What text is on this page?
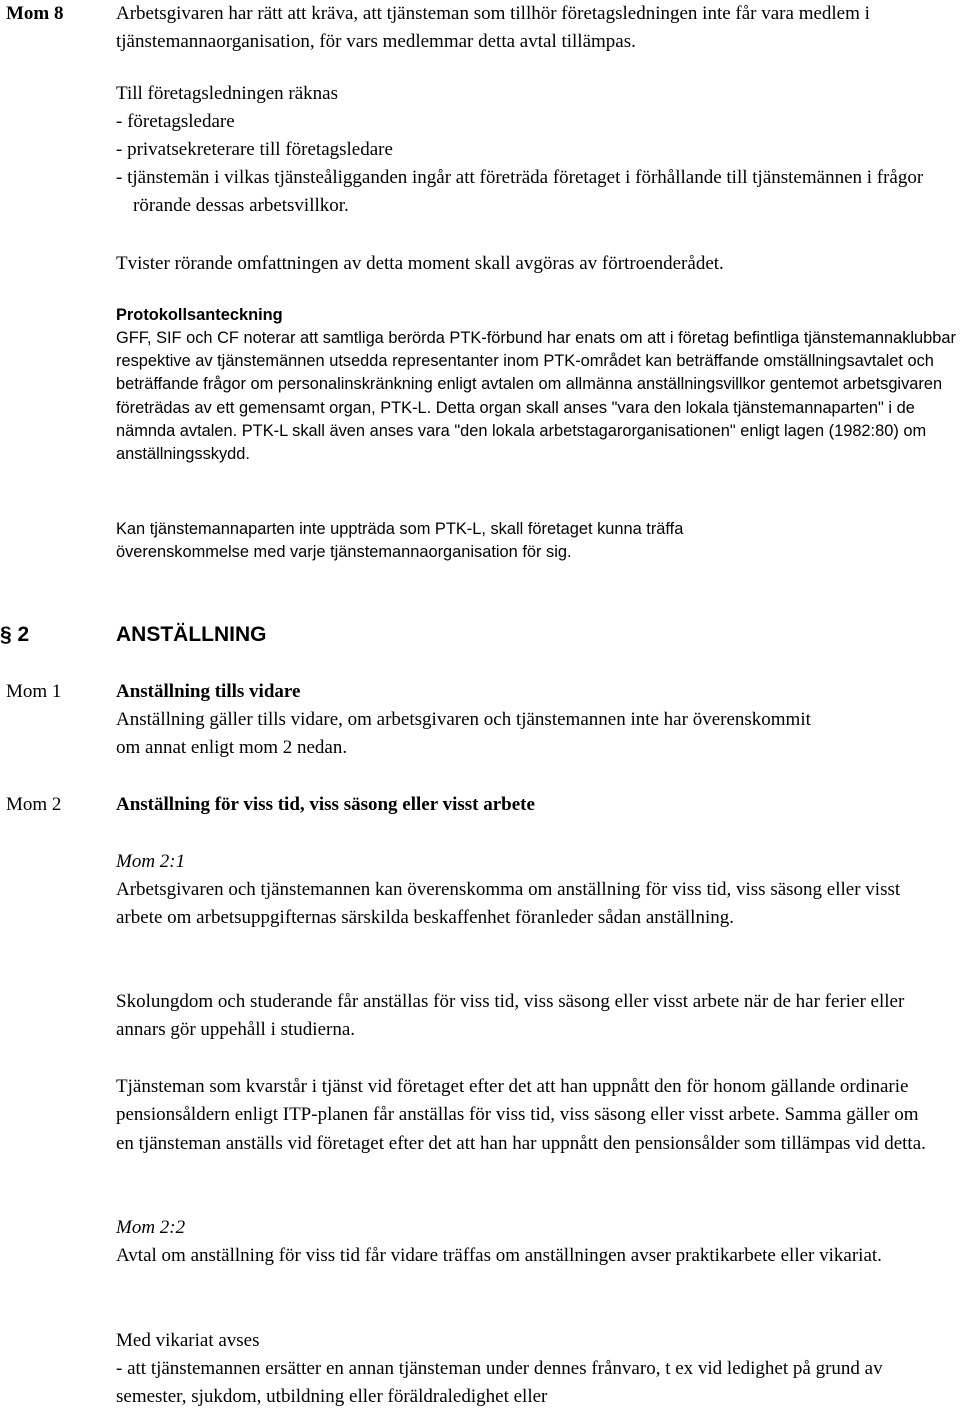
Mom 8	Arbetsgivaren har rätt att kräva, att tjänsteman som tillhör företagsledningen inte får vara medlem i tjänstemannaorganisation, för vars medlemmar detta avtal tillämpas.

Till företagsledningen räknas

- företagsledare

- privatsekreterare till företagsledare

- tjänstemän i vilkas tjänsteåligganden ingår att företräda företaget i förhållande till tjänstemännen i frågor rörande dessas arbetsvillkor.

Tvister rörande omfattningen av detta moment skall avgöras av förtroenderådet.

Protokollsanteckning

GFF, SIF och CF noterar att samtliga berörda PTK-förbund har enats om att i företag befintliga tjänstemannaklubbar respektive av tjänstemännen utsedda representanter inom PTK-området kan beträffande omställningsavtalet och beträffande frågor om personalinskränkning enligt avtalen om allmänna anställningsvillkor gentemot arbetsgivaren företrädas av ett gemensamt organ, PTK-L. Detta organ skall anses "vara den lokala tjänstemannaparten" i de nämnda avtalen. PTK-L skall även anses vara "den lokala arbetstagarorganisationen" enligt lagen (1982:80) om anställningsskydd.

Kan tjänstemannaparten inte uppträda som PTK-L, skall företaget kunna träffa överenskommelse med varje tjänstemannaorganisation för sig.

§ 2	ANSTÄLLNING
Mom 1	Anställning tills vidare

Anställning gäller tills vidare, om arbetsgivaren och tjänstemannen inte har överenskommit om annat enligt mom 2 nedan.

Mom 2	Anställning för viss tid, viss säsong eller visst arbete
Mom 2:1

Arbetsgivaren och tjänstemannen kan överenskomma om anställning för viss tid, viss säsong eller visst arbete om arbetsuppgifternas särskilda beskaffenhet föranleder sådan anställning.

Skolungdom och studerande får anställas för viss tid, viss säsong eller visst arbete när de har ferier eller annars gör uppehåll i studierna.

Tjänsteman som kvarstår i tjänst vid företaget efter det att han uppnått den för honom gällande ordinarie pensionsåldern enligt ITP-planen får anställas för viss tid, viss säsong eller visst arbete. Samma gäller om en tjänsteman anställs vid företaget efter det att han har uppnått den pensionsålder som tillämpas vid detta.

Mom 2:2

Avtal om anställning för viss tid får vidare träffas om anställningen avser praktikarbete eller vikariat.

Med vikariat avses

- att tjänstemannen ersätter en annan tjänsteman under dennes frånvaro, t ex vid ledighet på grund av semester, sjukdom, utbildning eller föräldraledighet eller
